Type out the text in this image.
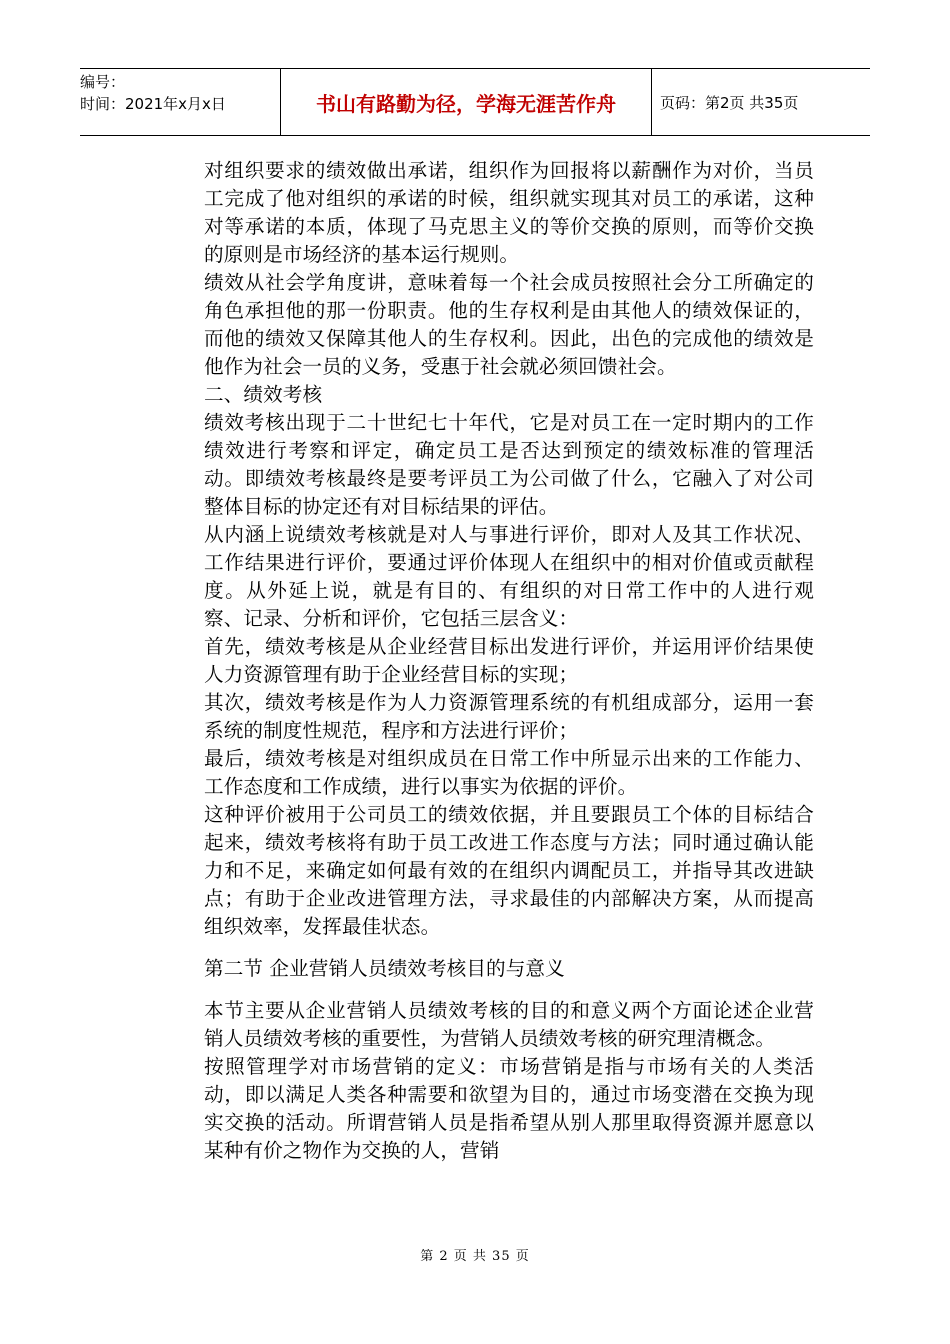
编号：
时间：2021年x月x日	书山有路勤为径，学海无涯苦作舟	页码：第2页 共35页

对组织要求的绩效做出承诺，组织作为回报将以薪酬作为对价，当员工完成了他对组织的承诺的时候，组织就实现其对员工的承诺，这种对等承诺的本质，体现了马克思主义的等价交换的原则，而等价交换的原则是市场经济的基本运行规则。

绩效从社会学角度讲，意味着每一个社会成员按照社会分工所确定的角色承担他的那一份职责。他的生存权利是由其他人的绩效保证的，而他的绩效又保障其他人的生存权利。因此，出色的完成他的绩效是他作为社会一员的义务，受惠于社会就必须回馈社会。

二、绩效考核

绩效考核出现于二十世纪七十年代，它是对员工在一定时期内的工作绩效进行考察和评定，确定员工是否达到预定的绩效标准的管理活动。即绩效考核最终是要考评员工为公司做了什么，它融入了对公司整体目标的协定还有对目标结果的评估。

从内涵上说绩效考核就是对人与事进行评价，即对人及其工作状况、工作结果进行评价，要通过评价体现人在组织中的相对价值或贡献程度。从外延上说，就是有目的、有组织的对日常工作中的人进行观察、记录、分析和评价，它包括三层含义：

首先，绩效考核是从企业经营目标出发进行评价，并运用评价结果使人力资源管理有助于企业经营目标的实现；

其次，绩效考核是作为人力资源管理系统的有机组成部分，运用一套系统的制度性规范，程序和方法进行评价；

最后，绩效考核是对组织成员在日常工作中所显示出来的工作能力、工作态度和工作成绩，进行以事实为依据的评价。

这种评价被用于公司员工的绩效依据，并且要跟员工个体的目标结合起来，绩效考核将有助于员工改进工作态度与方法；同时通过确认能力和不足，来确定如何最有效的在组织内调配员工，并指导其改进缺点；有助于企业改进管理方法，寻求最佳的内部解决方案，从而提高组织效率，发挥最佳状态。

第二节 企业营销人员绩效考核目的与意义

本节主要从企业营销人员绩效考核的目的和意义两个方面论述企业营销人员绩效考核的重要性，为营销人员绩效考核的研究理清概念。

按照管理学对市场营销的定义：市场营销是指与市场有关的人类活动，即以满足人类各种需要和欲望为目的，通过市场变潜在交换为现实交换的活动。所谓营销人员是指希望从别人那里取得资源并愿意以某种有价之物作为交换的人，营销

第 2 页 共 35 页
